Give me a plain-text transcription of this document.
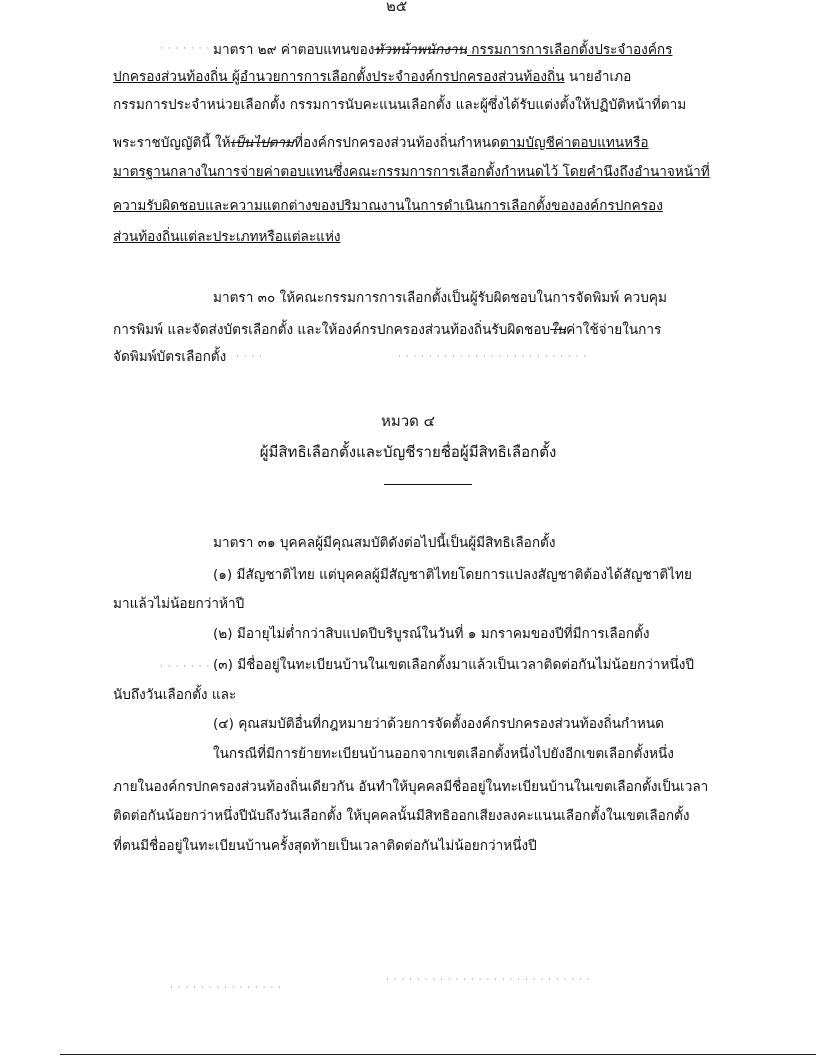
๒๕
มาตรา ๒๙ ค่าตอบแทนของหัวหน้าพนักงาน กรรมการการเลือกตั้งประจำองค์กร
ปกครองส่วนท้องถิ่น ผู้อำนวยการการเลือกตั้งประจำองค์กรปกครองส่วนท้องถิ่น นายอำเภอ
กรรมการประจำหน่วยเลือกตั้ง กรรมการนับคะแนนเลือกตั้ง และผู้ซึ่งได้รับแต่งตั้งให้ปฏิบัติหน้าที่ตาม
พระราชบัญญัตินี้ ให้เป็นไปตามที่องค์กรปกครองส่วนท้องถิ่นกำหนดตามบัญชีค่าตอบแทนหรือ
มาตรฐานกลางในการจ่ายค่าตอบแทนซึ่งคณะกรรมการการเลือกตั้งกำหนดไว้ โดยคำนึงถึงอำนาจหน้าที่
ความรับผิดชอบและความแตกต่างของปริมาณงานในการดำเนินการเลือกตั้งขององค์กรปกครอง
ส่วนท้องถิ่นแต่ละประเภทหรือแต่ละแห่ง
มาตรา ๓๐ ให้คณะกรรมการการเลือกตั้งเป็นผู้รับผิดชอบในการจัดพิมพ์ ควบคุม
การพิมพ์ และจัดส่งบัตรเลือกตั้ง และให้องค์กรปกครองส่วนท้องถิ่นรับผิดชอบในค่าใช้จ่ายในการ
จัดพิมพ์บัตรเลือกตั้ง
หมวด ๔
ผู้มีสิทธิเลือกตั้งและบัญชีรายชื่อผู้มีสิทธิเลือกตั้ง
มาตรา ๓๑ บุคคลผู้มีคุณสมบัติดังต่อไปนี้เป็นผู้มีสิทธิเลือกตั้ง
(๑) มีสัญชาติไทย แต่บุคคลผู้มีสัญชาติไทยโดยการแปลงสัญชาติต้องได้สัญชาติไทย
มาแล้วไม่น้อยกว่าห้าปี
(๒) มีอายุไม่ต่ำกว่าสิบแปดปีบริบูรณ์ในวันที่ ๑ มกราคมของปีที่มีการเลือกตั้ง
(๓) มีชื่ออยู่ในทะเบียนบ้านในเขตเลือกตั้งมาแล้วเป็นเวลาติดต่อกันไม่น้อยกว่าหนึ่งปี
นับถึงวันเลือกตั้ง และ
(๔) คุณสมบัติอื่นที่กฎหมายว่าด้วยการจัดตั้งองค์กรปกครองส่วนท้องถิ่นกำหนด
ในกรณีที่มีการย้ายทะเบียนบ้านออกจากเขตเลือกตั้งหนึ่งไปยังอีกเขตเลือกตั้งหนึ่ง
ภายในองค์กรปกครองส่วนท้องถิ่นเดียวกัน อันทำให้บุคคลมีชื่ออยู่ในทะเบียนบ้านในเขตเลือกตั้งเป็นเวลา
ติดต่อกันน้อยกว่าหนึ่งปีนับถึงวันเลือกตั้ง ให้บุคคลนั้นมีสิทธิออกเสียงลงคะแนนเลือกตั้งในเขตเลือกตั้ง
ที่ตนมีชื่ออยู่ในทะเบียนบ้านครั้งสุดท้ายเป็นเวลาติดต่อกันไม่น้อยกว่าหนึ่งปี
· · · · · · ·
· · · ·	· · · · · · · · · · · · · · · · · · · · · · · · ·
· · · · · · ·
· · · · · · · · · · · · · · ·
· · · · · · · · · · · · · · · · · · · · · · · · · · ·
